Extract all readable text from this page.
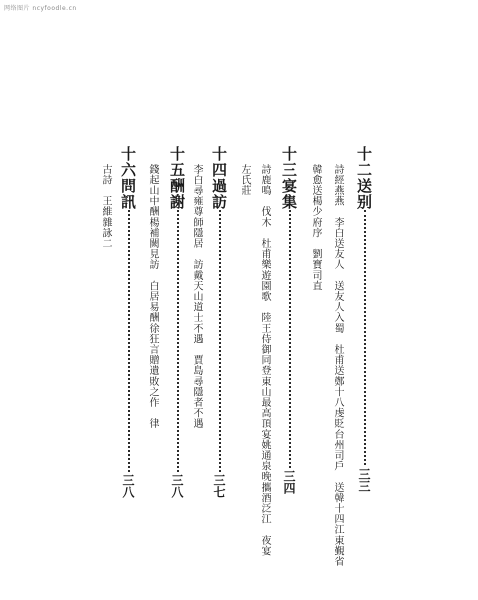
网络图片 ncyfoodle.cn
十二送别
三三
詩經燕燕　李白送友人　送友人入蜀　杜甫送鄭十八虔貶台州司戶　送韓十四江東覲省
韓愈送楊少府序　劉寶司直
十三宴集
三四
詩鹿鳴　伐木　杜甫樂遊園歌　陸王侍御同登東山最高頂宴姚通泉晚攜酒泛江　夜宴
左氏莊
十四過訪
三七
李白尋雍尊師隱居　訪戴天山道士不遇　賈島尋隱者不遇
十五酬謝
三八
錢起山中酬楊補闕見訪　白居易酬徐狂言贈遺敗之作　律
十六問訊
三八
古詩　王維雜詠二
